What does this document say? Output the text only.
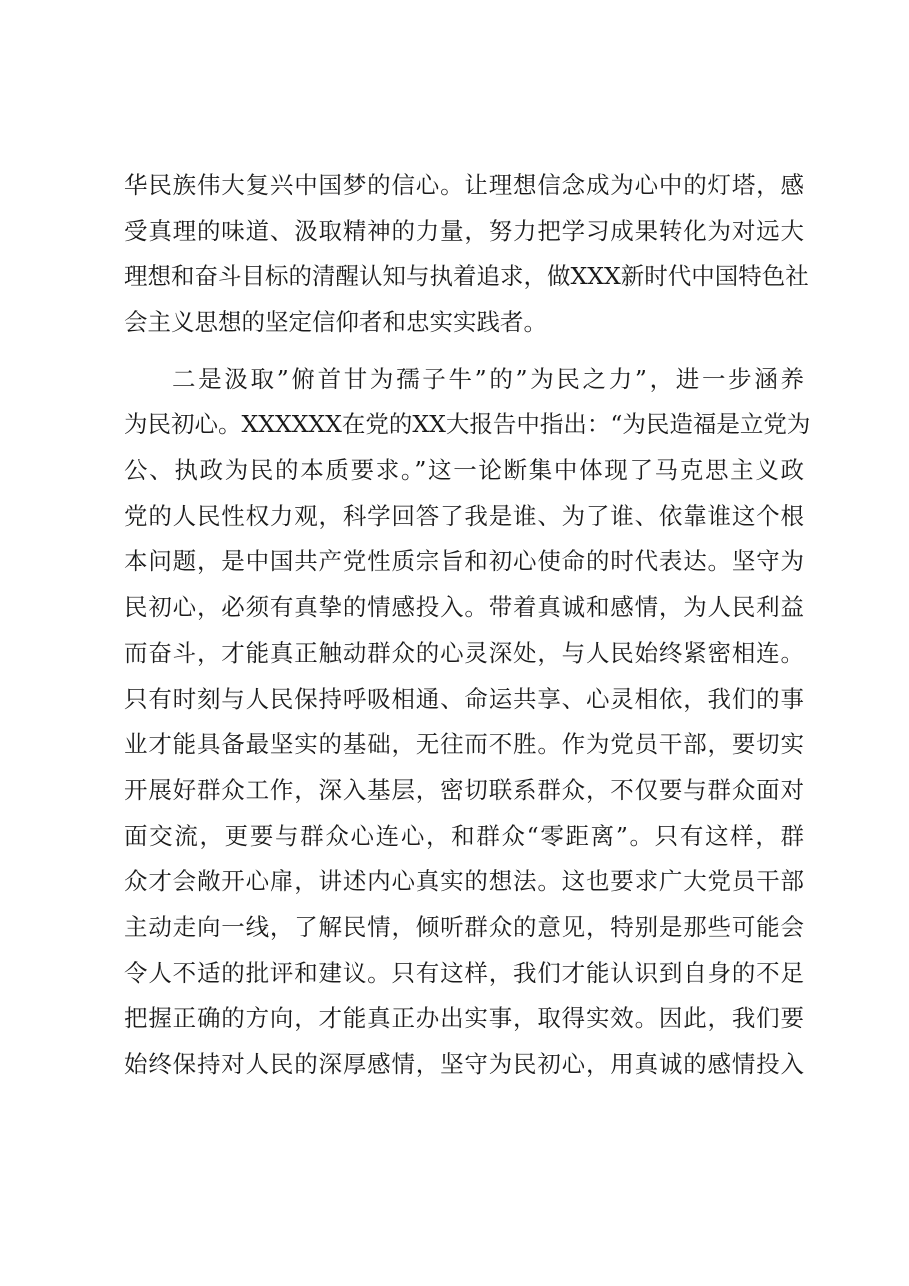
华民族伟大复兴中国梦的信心。让理想信念成为心中的灯塔，感
受真理的味道、汲取精神的力量，努力把学习成果转化为对远大
理想和奋斗目标的清醒认知与执着追求，做XXX新时代中国特色社
会主义思想的坚定信仰者和忠实实践者。
二是汲取”俯首甘为孺子牛”的”为民之力”，进一步涵养
为民初心。XXXXXX在党的XX大报告中指出：“为民造福是立党为
公、执政为民的本质要求。”这一论断集中体现了马克思主义政
党的人民性权力观，科学回答了我是谁、为了谁、依靠谁这个根
本问题，是中国共产党性质宗旨和初心使命的时代表达。坚守为
民初心，必须有真挚的情感投入。带着真诚和感情，为人民利益
而奋斗，才能真正触动群众的心灵深处，与人民始终紧密相连。
只有时刻与人民保持呼吸相通、命运共享、心灵相依，我们的事
业才能具备最坚实的基础，无往而不胜。作为党员干部，要切实
开展好群众工作，深入基层，密切联系群众，不仅要与群众面对
面交流，更要与群众心连心，和群众“零距离”。只有这样，群
众才会敞开心扉，讲述内心真实的想法。这也要求广大党员干部
主动走向一线，了解民情，倾听群众的意见，特别是那些可能会
令人不适的批评和建议。只有这样，我们才能认识到自身的不足
把握正确的方向，才能真正办出实事，取得实效。因此，我们要
始终保持对人民的深厚感情，坚守为民初心，用真诚的感情投入
